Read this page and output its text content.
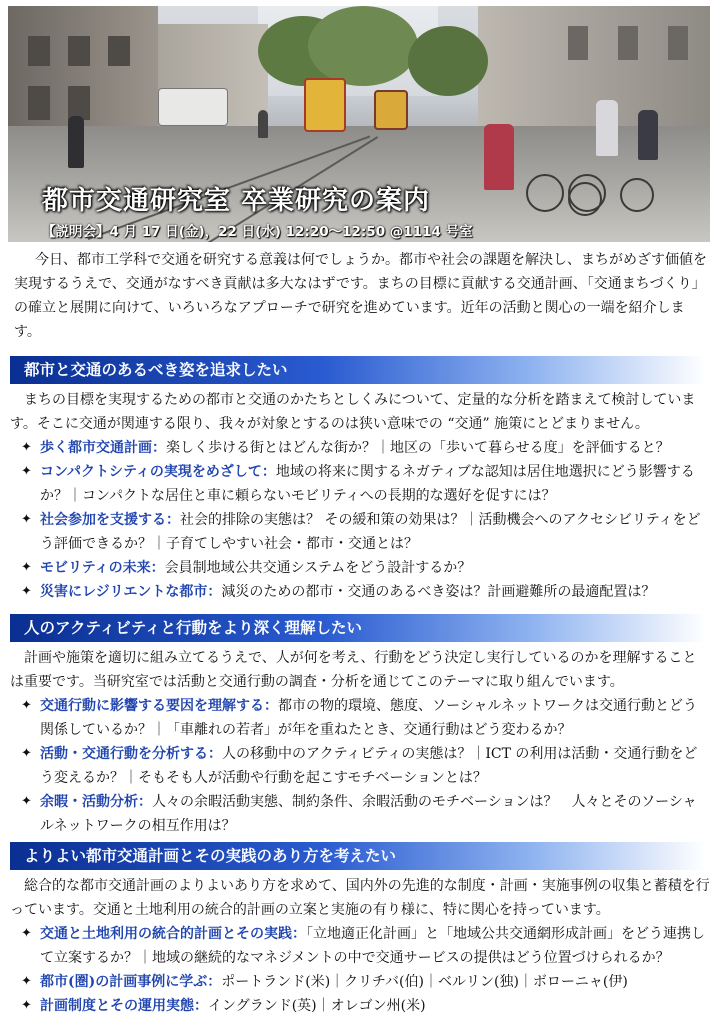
都市交通研究室 卒業研究の案内

【説明会】4 月 17 日(金)，22 日(水) 12:20～12:50 @1114 号室

今日、都市工学科で交通を研究する意義は何でしょうか。都市や社会の課題を解決し、まちがめざす価値を実現するうえで、交通がなすべき貢献は多大なはずです。まちの目標に貢献する交通計画、「交通まちづくり」の確立と展開に向けて、いろいろなアプローチで研究を進めています。近年の活動と関心の一端を紹介します。

都市と交通のあるべき姿を追求したい

まちの目標を実現するための都市と交通のかたちとしくみについて、定量的な分析を踏まえて検討しています。そこに交通が関連する限り、我々が対象とするのは狭い意味での “交通” 施策にとどまりません。

✦ 歩く都市交通計画：楽しく歩ける街とはどんな街か？｜地区の「歩いて暮らせる度」を評価すると？
✦ コンパクトシティの実現をめざして：地域の将来に関するネガティブな認知は居住地選択にどう影響するか？｜コンパクトな居住と車に頼らないモビリティへの長期的な選好を促すには？
✦ 社会参加を支援する：社会的排除の実態は？ その緩和策の効果は？｜活動機会へのアクセシビリティをどう評価できるか？｜子育てしやすい社会・都市・交通とは？
✦ モビリティの未来：会員制地域公共交通システムをどう設計するか？
✦ 災害にレジリエントな都市：減災のための都市・交通のあるべき姿は？計画避難所の最適配置は？
人のアクティビティと行動をより深く理解したい

計画や施策を適切に組み立てるうえで、人が何を考え、行動をどう決定し実行しているのかを理解することは重要です。当研究室では活動と交通行動の調査・分析を通じてこのテーマに取り組んでいます。

✦ 交通行動に影響する要因を理解する：都市の物的環境、態度、ソーシャルネットワークは交通行動とどう関係しているか？｜「車離れの若者」が年を重ねたとき、交通行動はどう変わるか？
✦ 活動・交通行動を分析する：人の移動中のアクティビティの実態は？｜ICT の利用は活動・交通行動をどう変えるか？｜そもそも人が活動や行動を起こすモチベーションとは？
✦ 余暇・活動分析：人々の余暇活動実態、制約条件、余暇活動のモチベーションは？　人々とそのソーシャルネットワークの相互作用は？
よりよい都市交通計画とその実践のあり方を考えたい

総合的な都市交通計画のよりよいあり方を求めて、国内外の先進的な制度・計画・実施事例の収集と蓄積を行っています。交通と土地利用の統合的計画の立案と実施の有り様に、特に関心を持っています。

✦ 交通と土地利用の統合的計画とその実践：「立地適正化計画」と「地域公共交通網形成計画」をどう連携して立案するか？｜地域の継続的なマネジメントの中で交通サービスの提供はどう位置づけられるか？
✦ 都市(圏)の計画事例に学ぶ：ポートランド(米)｜クリチバ(伯)｜ベルリン(独)｜ボローニャ(伊)
✦ 計画制度とその運用実態：イングランド(英)｜オレゴン州(米)
